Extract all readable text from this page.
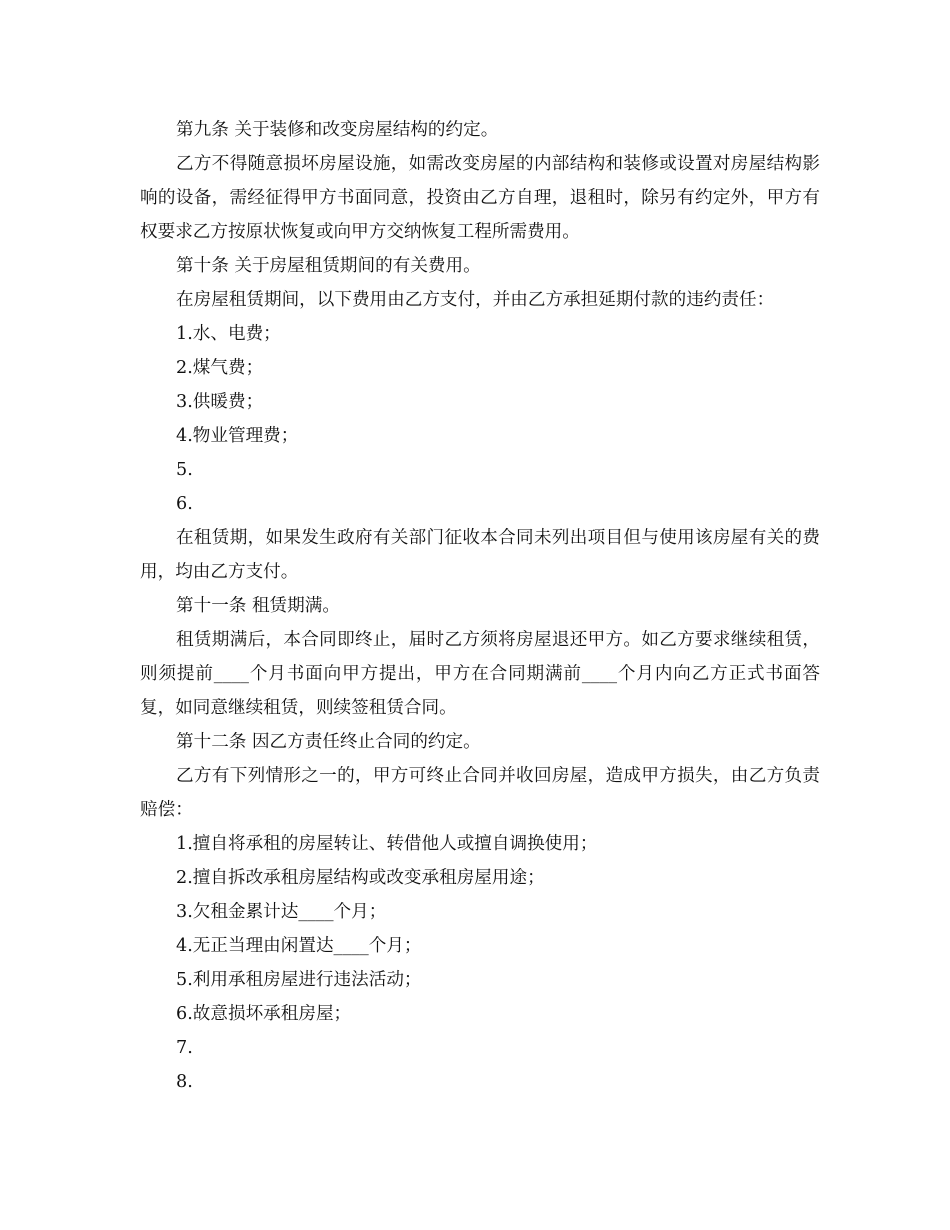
第九条 关于装修和改变房屋结构的约定。

乙方不得随意损坏房屋设施，如需改变房屋的内部结构和装修或设置对房屋结构影响的设备，需经征得甲方书面同意，投资由乙方自理，退租时，除另有约定外，甲方有权要求乙方按原状恢复或向甲方交纳恢复工程所需费用。

第十条 关于房屋租赁期间的有关费用。

在房屋租赁期间，以下费用由乙方支付，并由乙方承担延期付款的违约责任：

1.水、电费；

2.煤气费；

3.供暖费；

4.物业管理费；

5.

6.

在租赁期，如果发生政府有关部门征收本合同未列出项目但与使用该房屋有关的费用，均由乙方支付。

第十一条 租赁期满。

租赁期满后，本合同即终止，届时乙方须将房屋退还甲方。如乙方要求继续租赁，则须提前____个月书面向甲方提出，甲方在合同期满前____个月内向乙方正式书面答复，如同意继续租赁，则续签租赁合同。

第十二条 因乙方责任终止合同的约定。

乙方有下列情形之一的，甲方可终止合同并收回房屋，造成甲方损失，由乙方负责赔偿：

1.擅自将承租的房屋转让、转借他人或擅自调换使用；

2.擅自拆改承租房屋结构或改变承租房屋用途；

3.欠租金累计达____个月；

4.无正当理由闲置达____个月；

5.利用承租房屋进行违法活动；

6.故意损坏承租房屋；

7.

8.
